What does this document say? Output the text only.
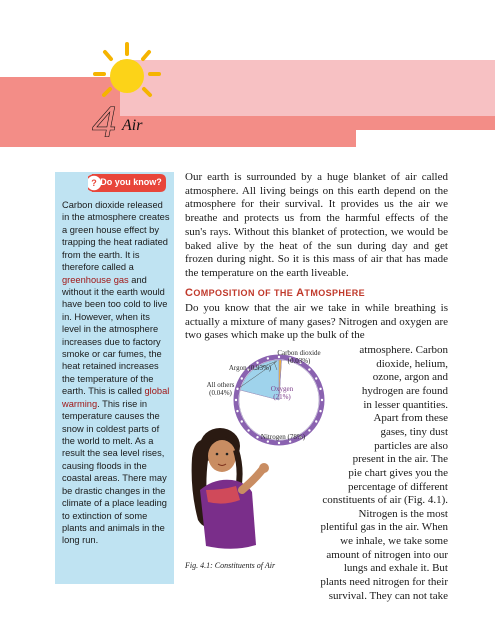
4 Air
? Do you know?

Carbon dioxide released in the atmosphere creates a green house effect by trapping the heat radiated from the earth. It is therefore called a greenhouse gas and without it the earth would have been too cold to live in. However, when its level in the atmosphere increases due to factory smoke or car fumes, the heat retained increases the temperature of the earth. This is called global warming. This rise in temperature causes the snow in coldest parts of the world to melt. As a result the sea level rises, causing floods in the coastal areas. There may be drastic changes in the climate of a place leading to extinction of some plants and animals in the long run.

Our earth is surrounded by a huge blanket of air called atmosphere. All living beings on this earth depend on the atmosphere for their survival. It provides us the air we breathe and protects us from the harmful effects of the sun's rays. Without this blanket of protection, we would be baked alive by the heat of the sun during day and get frozen during night. So it is this mass of air that has made the temperature on the earth liveable.

COMPOSITION OF THE ATMOSPHERE

Do you know that the air we take in while breathing is actually a mixture of many gases? Nitrogen and oxygen are two gases which make up the bulk of the

atmosphere. Carbon
dioxide, helium,
ozone, argon and
hydrogen are found
in lesser quantities.
Apart from these
gases, tiny dust
particles are also
present in the air. The
pie chart gives you the
percentage of different
constituents of air (Fig. 4.1).
Nitrogen is the most
plentiful gas in the air. When
we inhale, we take some
amount of nitrogen into our
lungs and exhale it. But
plants need nitrogen for their
survival. They can not take
Carbon dioxide
(0.03%)
Argon (0.93%)
All others
(0.04%)	Oxygen
(21%)
Nitrogen (78%)
Fig. 4.1: Constituents of Air
